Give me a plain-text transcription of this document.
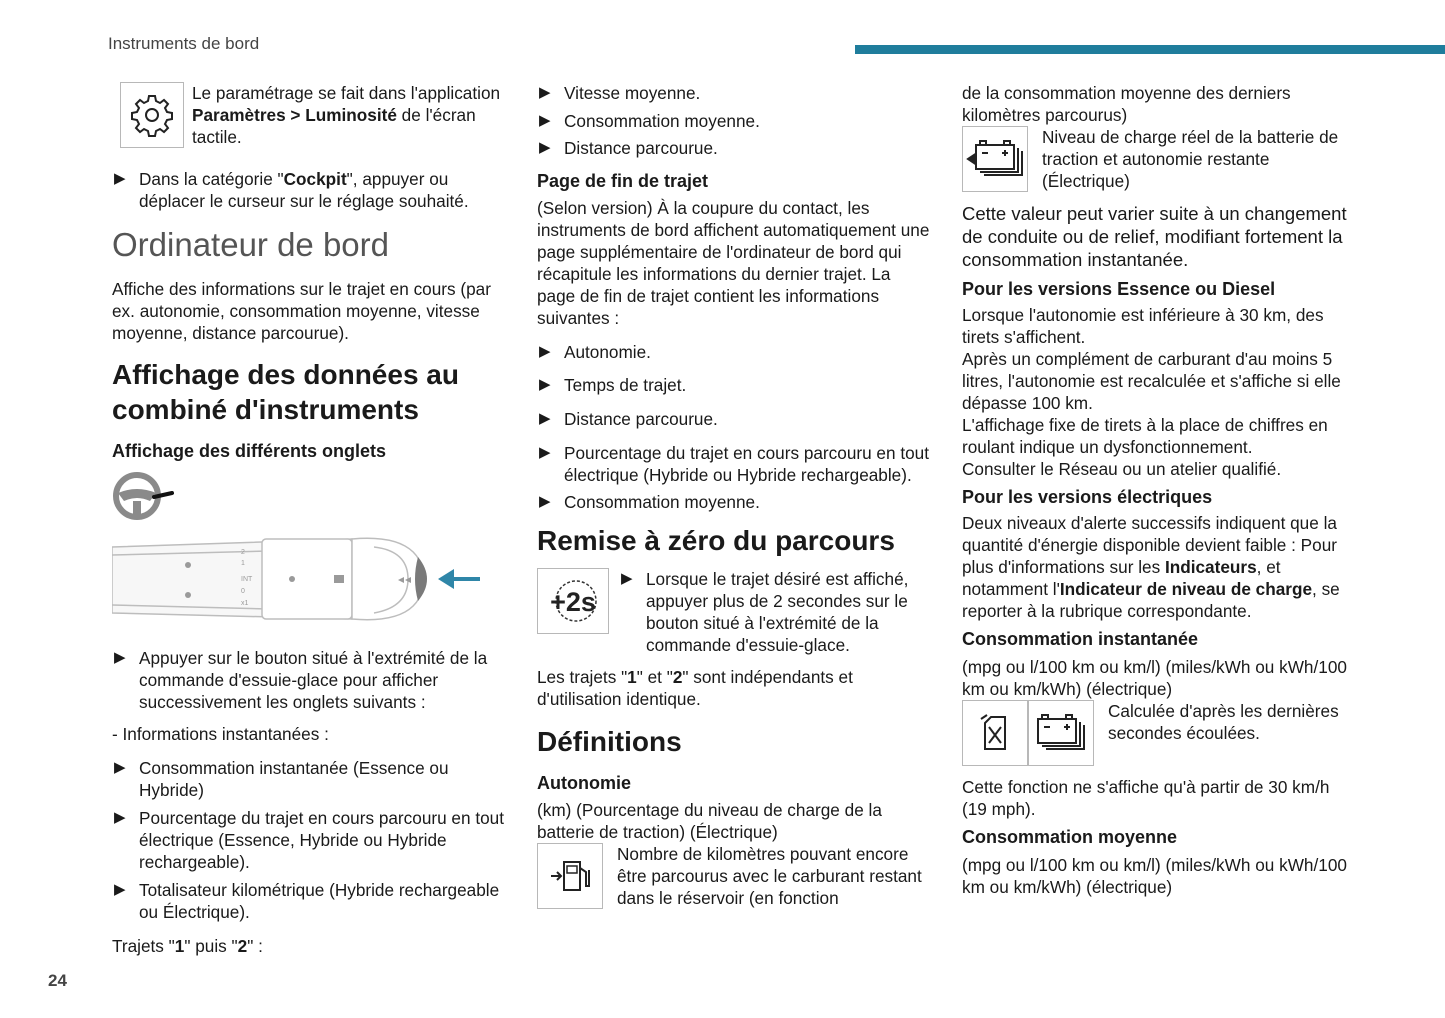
Instruments de bord

Le paramétrage se fait dans l'application Paramètres > Luminosité de l'écran tactile.

▶ Dans la catégorie "Cockpit", appuyer ou déplacer le curseur sur le réglage souhaité.

Ordinateur de bord

Affiche des informations sur le trajet en cours (par ex. autonomie, consommation moyenne, vitesse moyenne, distance parcourue).

Affichage des données au combiné d'instruments
Affichage des différents onglets
2
1
INT
0
x1

▶ Appuyer sur le bouton situé à l'extrémité de la commande d'essuie-glace pour afficher successivement les onglets suivants :

- Informations instantanées :

▶ Consommation instantanée (Essence ou Hybride)

▶ Pourcentage du trajet en cours parcouru en tout électrique (Essence, Hybride ou Hybride rechargeable).

▶ Totalisateur kilométrique (Hybride rechargeable ou Électrique).

Trajets "1" puis "2" :

▶ Vitesse moyenne.

▶ Consommation moyenne.

▶ Distance parcourue.

Page de fin de trajet

(Selon version) À la coupure du contact, les instruments de bord affichent automatiquement une page supplémentaire de l'ordinateur de bord qui récapitule les informations du dernier trajet. La page de fin de trajet contient les informations suivantes :

▶ Autonomie.

▶ Temps de trajet.

▶ Distance parcourue.

▶ Pourcentage du trajet en cours parcouru en tout électrique (Hybride ou Hybride rechargeable).

▶ Consommation moyenne.

Remise à zéro du parcours
+2s

▶ Lorsque le trajet désiré est affiché, appuyer plus de 2 secondes sur le bouton situé à l'extrémité de la commande d'essuie-glace.

Les trajets "1" et "2" sont indépendants et d'utilisation identique.

Définitions
Autonomie

(km) (Pourcentage du niveau de charge de la batterie de traction) (Électrique)

Nombre de kilomètres pouvant encore être parcourus avec le carburant restant dans le réservoir (en fonction

de la consommation moyenne des derniers kilomètres parcourus)

Niveau de charge réel de la batterie de traction et autonomie restante (Électrique)

Cette valeur peut varier suite à un changement de conduite ou de relief, modifiant fortement la consommation instantanée.

Pour les versions Essence ou Diesel

Lorsque l'autonomie est inférieure à 30 km, des tirets s'affichent.

Après un complément de carburant d'au moins 5 litres, l'autonomie est recalculée et s'affiche si elle dépasse 100 km.

L'affichage fixe de tirets à la place de chiffres en roulant indique un dysfonctionnement.

Consulter le Réseau ou un atelier qualifié.

Pour les versions électriques

Deux niveaux d'alerte successifs indiquent que la quantité d'énergie disponible devient faible : Pour plus d'informations sur les Indicateurs, et notamment l'Indicateur de niveau de charge, se reporter à la rubrique correspondante.

Consommation instantanée

(mpg ou l/100 km ou km/l) (miles/kWh ou kWh/100 km ou km/kWh) (électrique)

Calculée d'après les dernières secondes écoulées.

Cette fonction ne s'affiche qu'à partir de 30 km/h (19 mph).

Consommation moyenne

(mpg ou l/100 km ou km/l) (miles/kWh ou kWh/100 km ou km/kWh) (électrique)

24
